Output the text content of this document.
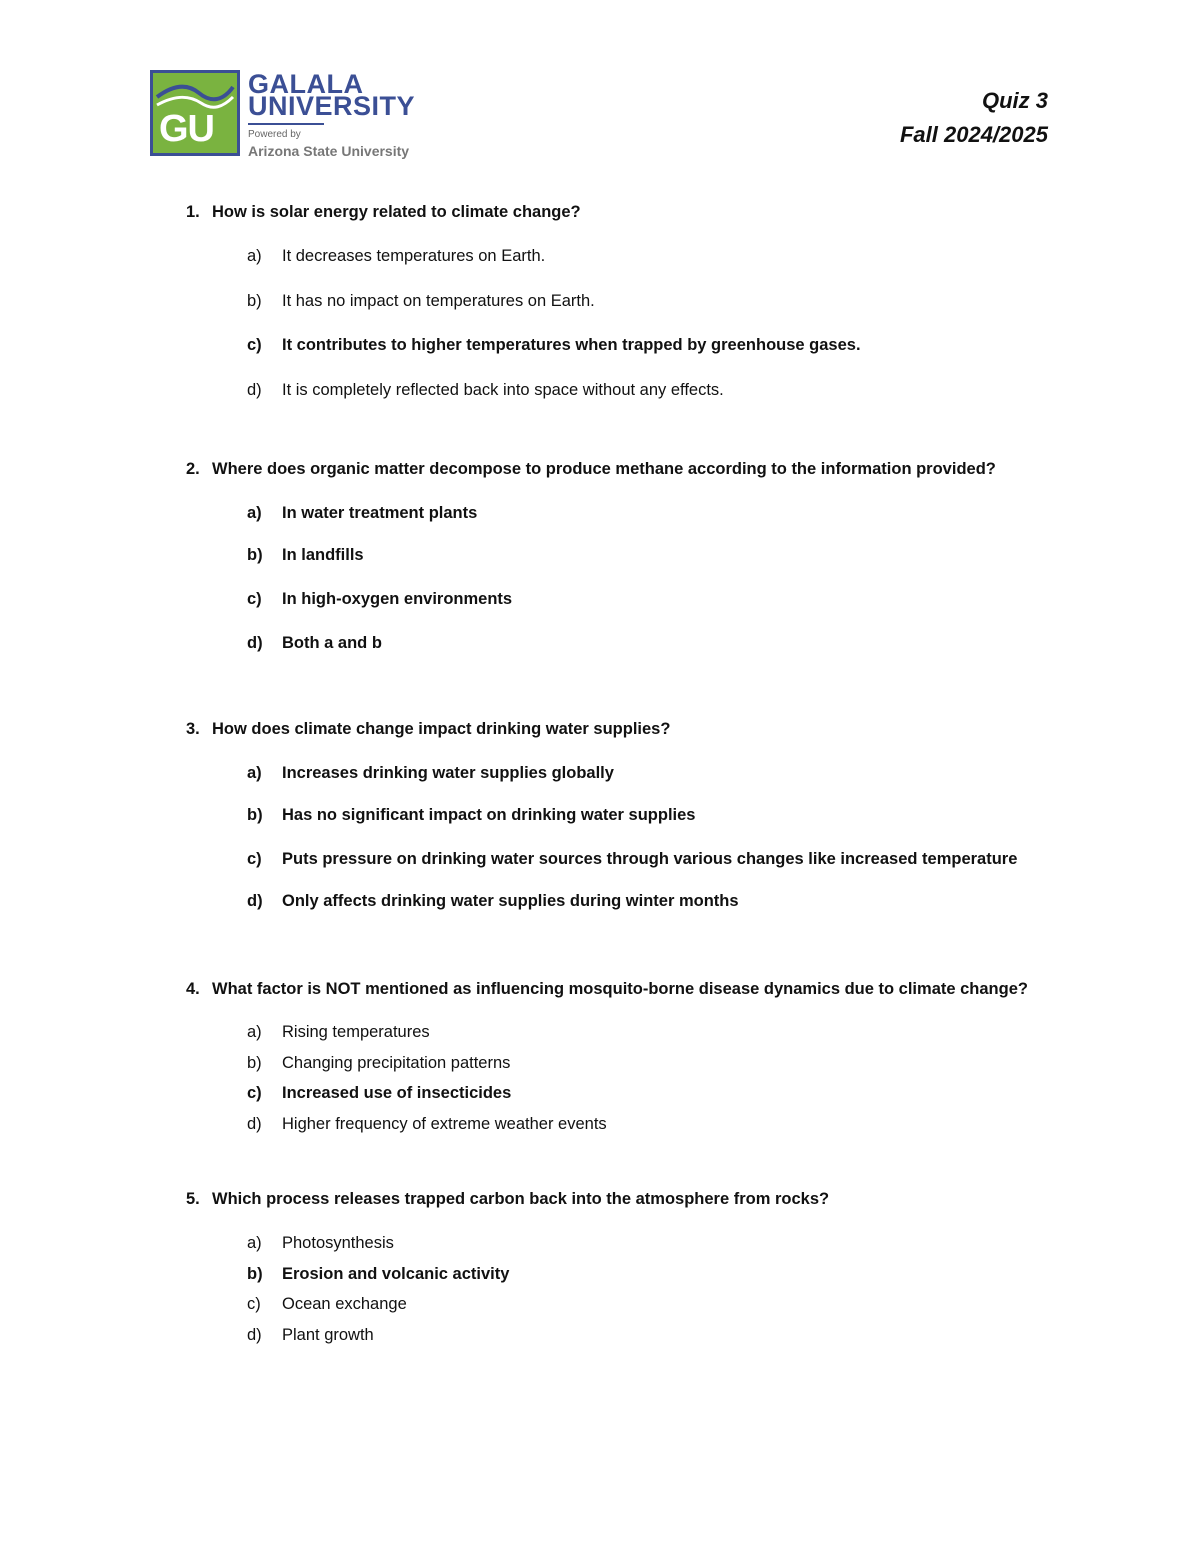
GU
GALALA
UNIVERSITY
Powered by
Arizona State University
Quiz 3
Fall 2024/2025
1. How is solar energy related to climate change?
a) It decreases temperatures on Earth.
b) It has no impact on temperatures on Earth.
c) It contributes to higher temperatures when trapped by greenhouse gases.
d) It is completely reflected back into space without any effects.
2. Where does organic matter decompose to produce methane according to the information provided?
a) In water treatment plants
b) In landfills
c) In high-oxygen environments
d) Both a and b
3. How does climate change impact drinking water supplies?
a) Increases drinking water supplies globally
b) Has no significant impact on drinking water supplies
c) Puts pressure on drinking water sources through various changes like increased temperature
d) Only affects drinking water supplies during winter months
4. What factor is NOT mentioned as influencing mosquito-borne disease dynamics due to climate change?
a) Rising temperatures
b) Changing precipitation patterns
c) Increased use of insecticides
d) Higher frequency of extreme weather events
5. Which process releases trapped carbon back into the atmosphere from rocks?
a) Photosynthesis
b) Erosion and volcanic activity
c) Ocean exchange
d) Plant growth
